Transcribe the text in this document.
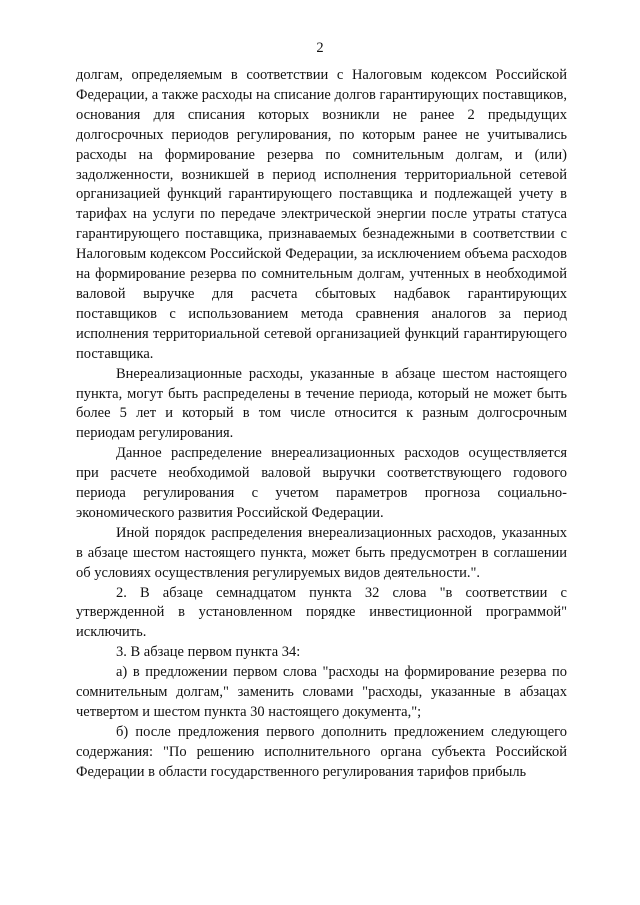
2

долгам, определяемым в соответствии с Налоговым кодексом Российской Федерации, а также расходы на списание долгов гарантирующих поставщиков, основания для списания которых возникли не ранее 2 предыдущих долгосрочных периодов регулирования, по которым ранее не учитывались расходы на формирование резерва по сомнительным долгам, и (или) задолженности, возникшей в период исполнения территориальной сетевой организацией функций гарантирующего поставщика и подлежащей учету в тарифах на услуги по передаче электрической энергии после утраты статуса гарантирующего поставщика, признаваемых безнадежными в соответствии с Налоговым кодексом Российской Федерации, за исключением объема расходов на формирование резерва по сомнительным долгам, учтенных в необходимой валовой выручке для расчета сбытовых надбавок гарантирующих поставщиков с использованием метода сравнения аналогов за период исполнения территориальной сетевой организацией функций гарантирующего поставщика.

Внереализационные расходы, указанные в абзаце шестом настоящего пункта, могут быть распределены в течение периода, который не может быть более 5 лет и который в том числе относится к разным долгосрочным периодам регулирования.

Данное распределение внереализационных расходов осуществляется при расчете необходимой валовой выручки соответствующего годового периода регулирования с учетом параметров прогноза социально-экономического развития Российской Федерации.

Иной порядок распределения внереализационных расходов, указанных в абзаце шестом настоящего пункта, может быть предусмотрен в соглашении об условиях осуществления регулируемых видов деятельности.".

2. В абзаце семнадцатом пункта 32 слова "в соответствии с утвержденной в установленном порядке инвестиционной программой" исключить.

3. В абзаце первом пункта 34:

а) в предложении первом слова "расходы на формирование резерва по сомнительным долгам," заменить словами "расходы, указанные в абзацах четвертом и шестом пункта 30 настоящего документа,";

б) после предложения первого дополнить предложением следующего содержания: "По решению исполнительного органа субъекта Российской Федерации в области государственного регулирования тарифов прибыль
